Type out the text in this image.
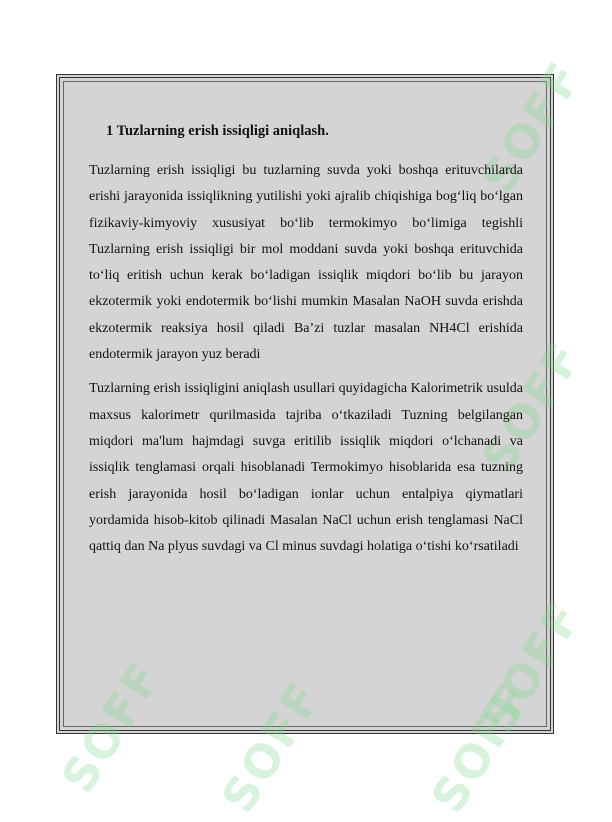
SOFF
SOFF
SOFF
SOFF
SOFF	SOFF
1 Tuzlarning erish issiqligi aniqlash.

Tuzlarning erish issiqligi bu tuzlarning suvda yoki boshqa erituvchilarda erishi jarayonida issiqlikning yutilishi yoki ajralib chiqishiga bog‘liq bo‘lgan fizikaviy-kimyoviy xususiyat bo‘lib termokimyo bo‘limiga tegishli Tuzlarning erish issiqligi bir mol moddani suvda yoki boshqa erituvchida to‘liq eritish uchun kerak bo‘ladigan issiqlik miqdori bo‘lib bu jarayon ekzotermik yoki endotermik bo‘lishi mumkin Masalan NaOH suvda erishda ekzotermik reaksiya hosil qiladi Ba’zi tuzlar masalan NH4Cl erishida endotermik jarayon yuz beradi

Tuzlarning erish issiqligini aniqlash usullari quyidagicha Kalorimetrik usulda maxsus kalorimetr qurilmasida tajriba o‘tkaziladi Tuzning belgilangan miqdori ma'lum hajmdagi suvga eritilib issiqlik miqdori o‘lchanadi va issiqlik tenglamasi orqali hisoblanadi Termokimyo hisoblarida esa tuzning erish jarayonida hosil bo‘ladigan ionlar uchun entalpiya qiymatlari yordamida hisob-kitob qilinadi Masalan NaCl uchun erish tenglamasi NaCl qattiq dan Na plyus suvdagi va Cl minus suvdagi holatiga o‘tishi ko‘rsatiladi
